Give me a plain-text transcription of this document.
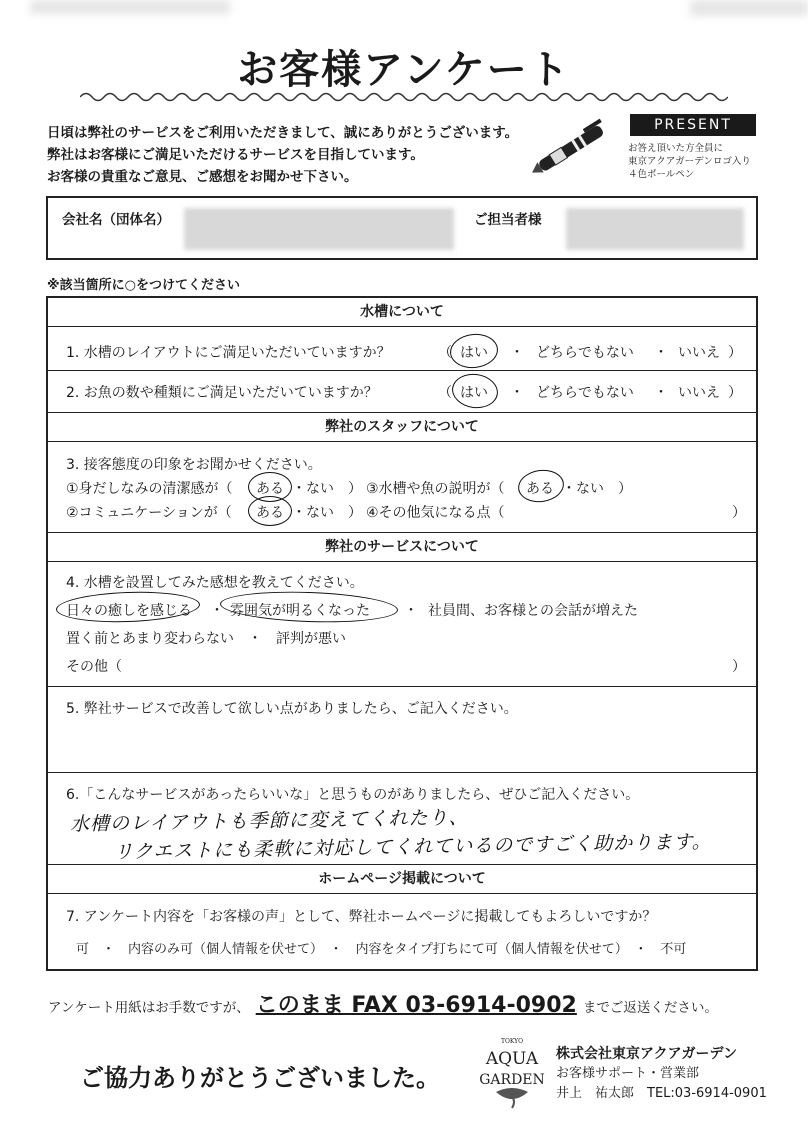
お客様アンケート
日頃は弊社のサービスをご利用いただきまして、誠にありがとうございます。
弊社はお客様にご満足いただけるサービスを目指しています。
お客様の貴重なご意見、ご感想をお聞かせ下さい。
PRESENT
お答え頂いた方全員に
東京アクアガーデンロゴ入り
４色ボールペン
会社名（団体名）	ご担当者様
※該当箇所に○をつけてください
水槽について
1. 水槽のレイアウトにご満足いただいていますか？	（ はい ・ どちらでもない ・ いいえ ）
2. お魚の数や種類にご満足いただいていますか？	（ はい ・ どちらでもない ・ いいえ ）
弊社のスタッフについて
3. 接客態度の印象をお聞かせください。
①身だしなみの清潔感が（ ある ・ない　） ③水槽や魚の説明が（ ある ・ない　）
②コミュニケーションが（ ある ・ない　） ④その他気になる点（	）
弊社のサービスについて
4. 水槽を設置してみた感想を教えてください。
日々の癒しを感じる ・ 雰囲気が明るくなった ・ 社員間、お客様との会話が増えた
置く前とあまり変わらない　・　評判が悪い
その他（	）
5. 弊社サービスで改善して欲しい点がありましたら、ご記入ください。
6.「こんなサービスがあったらいいな」と思うものがありましたら、ぜひご記入ください。
水槽のレイアウトも季節に変えてくれたり、
リクエストにも柔軟に対応してくれているのですごく助かります。
ホームページ掲載について
7. アンケート内容を「お客様の声」として、弊社ホームページに掲載してもよろしいですか？
可　・　内容のみ可（個人情報を伏せて）　・　内容をタイプ打ちにて可（個人情報を伏せて）　・　不可
アンケート用紙はお手数ですが、 このまま FAX 03-6914-0902 までご返送ください。
ご協力ありがとうございました。
TOKYO
AQUA
GARDEN
株式会社東京アクアガーデン
お客様サポート・営業部
井上　祐太郎　TEL:03-6914-0901
